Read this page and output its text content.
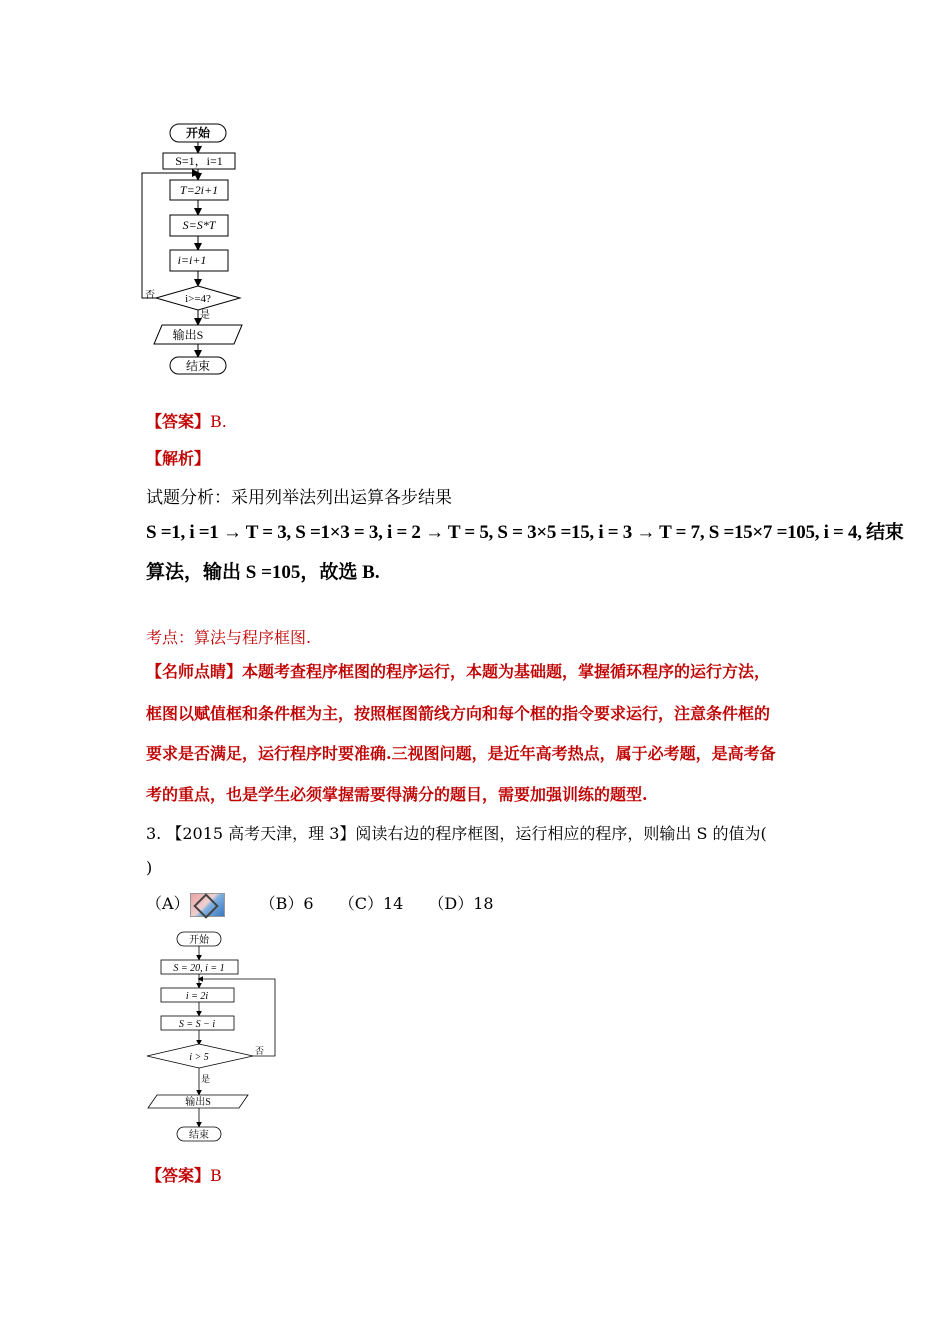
开始
S=1，i=1
T=2i+1
S=S*T
i=i+1
i>=4?
否
是
输出S
结束
【答案】B.
【解析】
试题分析：采用列举法列出运算各步结果
S =1, i =1 → T = 3, S =1×3 = 3, i = 2 → T = 5, S = 3×5 =15, i = 3 → T = 7, S =15×7 =105, i = 4, 结束
算法，输出 S =105，故选 B.
考点：算法与程序框图.
【名师点睛】本题考查程序框图的程序运行，本题为基础题，掌握循环程序的运行方法，
框图以赋值框和条件框为主，按照框图箭线方向和每个框的指令要求运行，注意条件框的
要求是否满足，运行程序时要准确.三视图问题，是近年高考热点，属于必考题，是高考备
考的重点，也是学生必须掌握需要得满分的题目，需要加强训练的题型.
3. 【2015 高考天津，理 3】阅读右边的程序框图，运行相应的程序，则输出 S 的值为(
)
（A）	（B）6 （C）14 （D）18
开始
S = 20, i = 1
i = 2i
S = S − i
i > 5
否
是
输出S
结束
【答案】B
